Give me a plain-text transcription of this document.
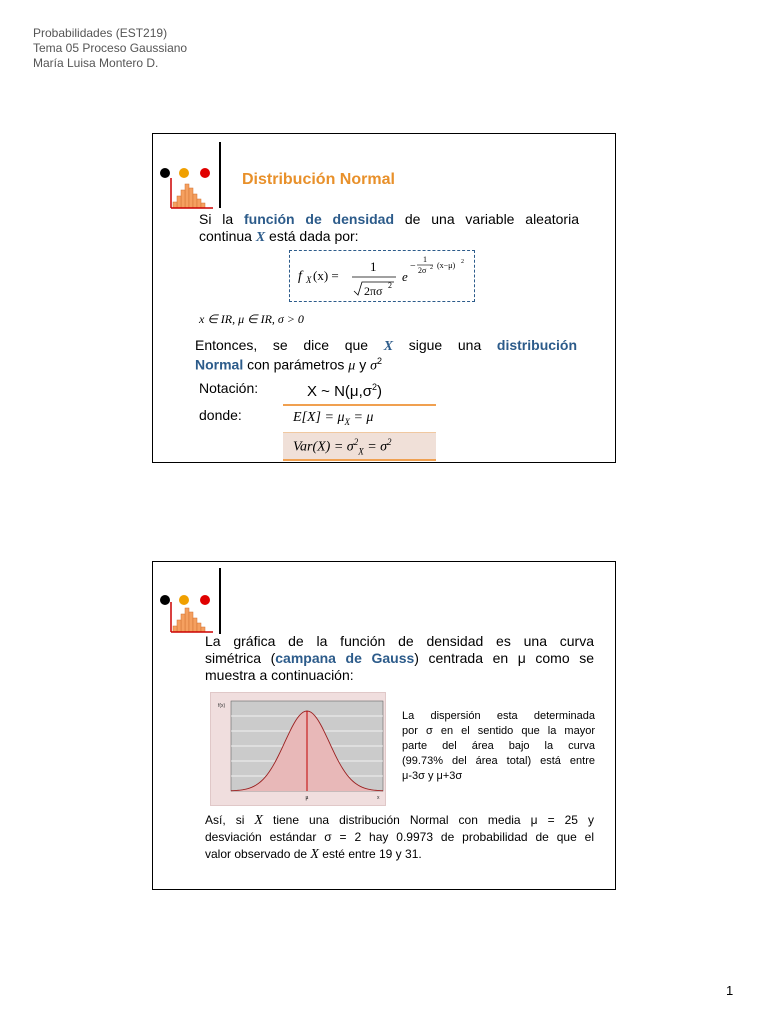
Probabilidades (EST219)
Tema 05 Proceso Gaussiano
María Luisa Montero D.
Distribución Normal
Si la función de densidad de una variable aleatoria
continua X está dada por:
f X (x) =
1
2πσ 2
e
−
1
2σ 2 (x−μ) 2
x ∈ IR, μ ∈ IR, σ > 0
Entonces, se dice que X sigue una distribución
Normal con parámetros μ y $\sigma^2$
Notación:	X ~ $N(\mu,\sigma^2)$
donde:	$E[X] = \mu_X = \mu$
$Var(X) = \sigma^2_X = \sigma^2$
La gráfica de la función de densidad es una curva
simétrica (campana de Gauss) centrada en μ como se
muestra a continuación:
f(x)
μ	x
La dispersión esta determinada
por σ en el sentido que la mayor
parte del área bajo la curva
(99.73% del área total) está entre
μ-3σ y μ+3σ
Así, si X tiene una distribución Normal con media μ = 25 y
desviación estándar σ = 2 hay 0.9973 de probabilidad de que el
valor observado de X esté entre 19 y 31.
1
